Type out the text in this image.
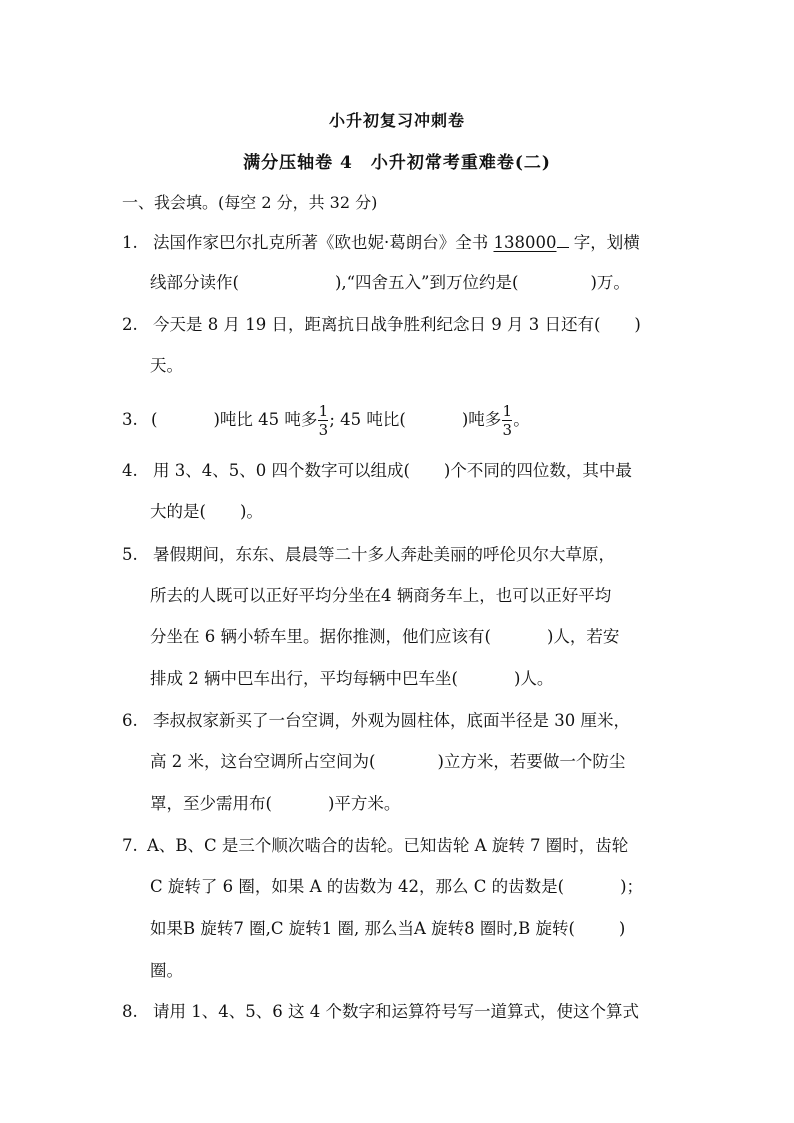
小升初复习冲刺卷
满分压轴卷 4　小升初常考重难卷(二)
一、我会填。(每空 2 分，共 32 分)
1. 法国作家巴尔扎克所著《欧也妮·葛朗台》全书 138000 字，划横
线部分读作(	),“四舍五入”到万位约是(	)万。
2. 今天是 8 月 19 日，距离抗日战争胜利纪念日 9 月 3 日还有( )
天。
3. (	)吨比 45 吨多 $\frac{1}{3}$ ; 45 吨比(	)吨多 $\frac{1}{3}$ 。
4. 用 3、4、5、0 四个数字可以组成( )个不同的四位数，其中最
大的是( )。
5. 暑假期间，东东、晨晨等二十多人奔赴美丽的呼伦贝尔大草原，
所去的人既可以正好平均分坐在4 辆商务车上，也可以正好平均
分坐在 6 辆小轿车里。据你推测，他们应该有(	)人，若安
排成 2 辆中巴车出行，平均每辆中巴车坐(	)人。
6. 李叔叔家新买了一台空调，外观为圆柱体，底面半径是 30 厘米，
高 2 米，这台空调所占空间为(	)立方米，若要做一个防尘
罩，至少需用布(	)平方米。
7. A、B、C 是三个顺次啮合的齿轮。已知齿轮 A 旋转 7 圈时，齿轮
C 旋转了 6 圈，如果 A 的齿数为 42，那么 C 的齿数是(	)；
如果B 旋转7 圈,C 旋转1 圈, 那么当A 旋转8 圈时,B 旋转(	)
圈。
8. 请用 1、4、5、6 这 4 个数字和运算符号写一道算式，使这个算式
